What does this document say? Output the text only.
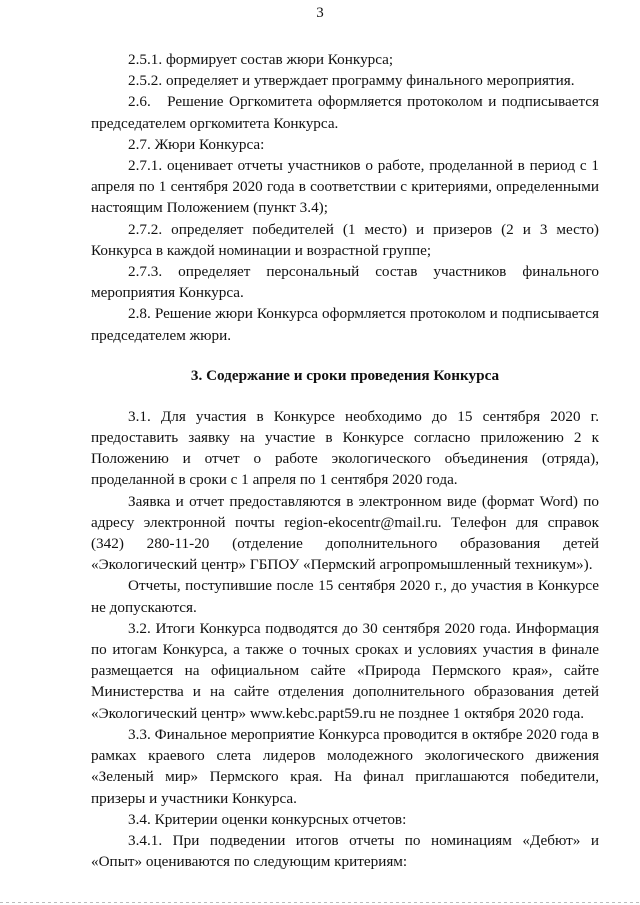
3

2.5.1. формирует состав жюри Конкурса;

2.5.2. определяет и утверждает программу финального мероприятия.

2.6.   Решение Оргкомитета оформляется протоколом и подписывается председателем оргкомитета Конкурса.

2.7. Жюри Конкурса:

2.7.1. оценивает отчеты участников о работе, проделанной в период с 1 апреля по 1 сентября 2020 года в соответствии с критериями, определенными настоящим Положением (пункт 3.4);

2.7.2. определяет победителей (1 место) и призеров (2 и 3 место) Конкурса в каждой номинации и возрастной группе;

2.7.3. определяет персональный состав участников финального мероприятия Конкурса.

2.8. Решение жюри Конкурса оформляется протоколом и подписывается председателем жюри.

3. Содержание и сроки проведения Конкурса

3.1. Для участия в Конкурсе необходимо до 15 сентября 2020 г. предоставить заявку на участие в Конкурсе согласно приложению 2 к Положению и отчет о работе экологического объединения (отряда), проделанной в сроки с 1 апреля по 1 сентября 2020 года.

Заявка и отчет предоставляются в электронном виде (формат Word) по адресу электронной почты region-ekocentr@mail.ru. Телефон для справок (342) 280-11-20 (отделение дополнительного образования детей «Экологический центр» ГБПОУ «Пермский агропромышленный техникум»).

Отчеты, поступившие после 15 сентября 2020 г., до участия в Конкурсе не допускаются.

3.2. Итоги Конкурса подводятся до 30 сентября 2020 года. Информация по итогам Конкурса, а также о точных сроках и условиях участия в финале размещается на официальном сайте «Природа Пермского края», сайте Министерства и на сайте отделения дополнительного образования детей «Экологический центр» www.kebc.papt59.ru не позднее 1 октября 2020 года.

3.3. Финальное мероприятие Конкурса проводится в октябре 2020 года в рамках краевого слета лидеров молодежного экологического движения «Зеленый мир» Пермского края. На финал приглашаются победители, призеры и участники Конкурса.

3.4. Критерии оценки конкурсных отчетов:

3.4.1. При подведении итогов отчеты по номинациям «Дебют» и «Опыт» оцениваются по следующим критериям:
